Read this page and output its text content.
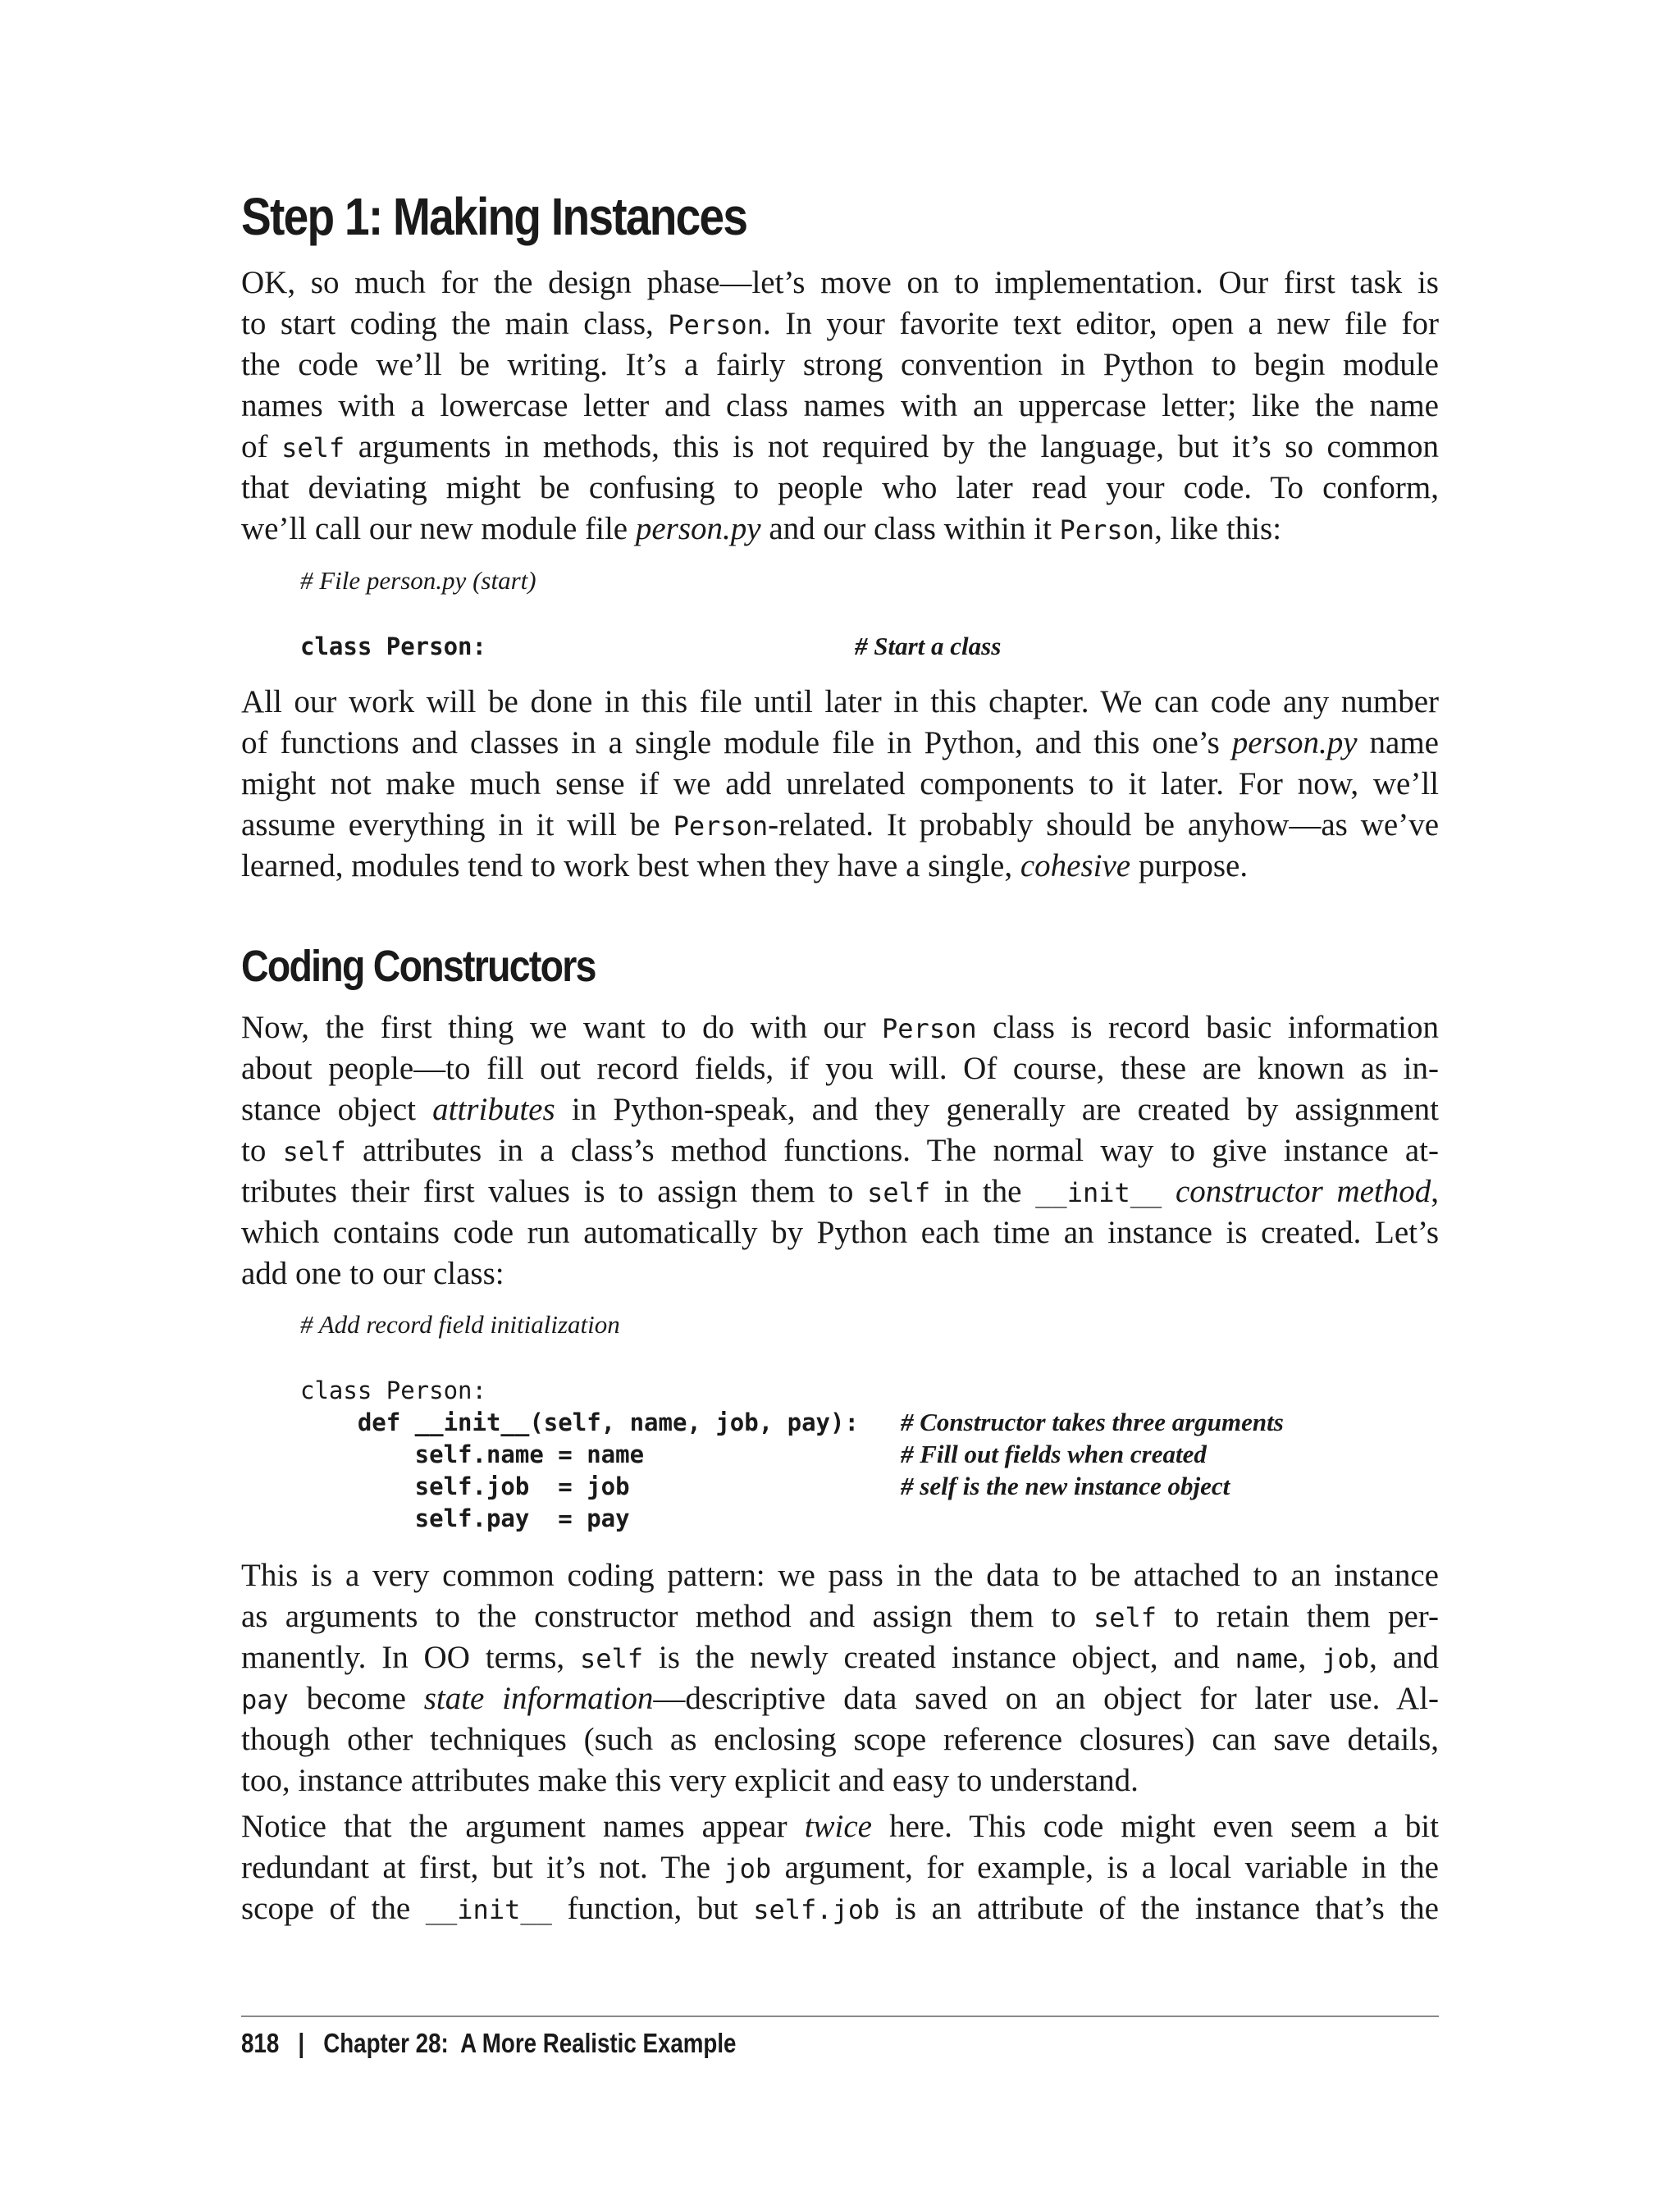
Step 1: Making Instances
OK, so much for the design phase—let’s move on to implementation. Our first task is
to start coding the main class, Person. In your favorite text editor, open a new file for
the code we’ll be writing. It’s a fairly strong convention in Python to begin module
names with a lowercase letter and class names with an uppercase letter; like the name
of self arguments in methods, this is not required by the language, but it’s so common
that deviating might be confusing to people who later read your code. To conform,
we’ll call our new module file person.py and our class within it Person, like this:
# File person.py (start)
class Person:	# Start a class
All our work will be done in this file until later in this chapter. We can code any number
of functions and classes in a single module file in Python, and this one’s person.py name
might not make much sense if we add unrelated components to it later. For now, we’ll
assume everything in it will be Person-related. It probably should be anyhow—as we’ve
learned, modules tend to work best when they have a single, cohesive purpose.
Coding Constructors
Now, the first thing we want to do with our Person class is record basic information
about people—to fill out record fields, if you will. Of course, these are known as in-
stance object attributes in Python-speak, and they generally are created by assignment
to self attributes in a class’s method functions. The normal way to give instance at-
tributes their first values is to assign them to self in the __init__ constructor method,
which contains code run automatically by Python each time an instance is created. Let’s
add one to our class:
# Add record field initialization
class Person:
def __init__(self, name, job, pay):
self.name = name
self.job  = job
self.pay  = pay
# Constructor takes three arguments
# Fill out fields when created
# self is the new instance object
This is a very common coding pattern: we pass in the data to be attached to an instance
as arguments to the constructor method and assign them to self to retain them per-
manently. In OO terms, self is the newly created instance object, and name, job, and
pay become state information—descriptive data saved on an object for later use. Al-
though other techniques (such as enclosing scope reference closures) can save details,
too, instance attributes make this very explicit and easy to understand.
Notice that the argument names appear twice here. This code might even seem a bit
redundant at first, but it’s not. The job argument, for example, is a local variable in the
scope of the __init__ function, but self.job is an attribute of the instance that’s the
818 | Chapter 28:  A More Realistic Example
